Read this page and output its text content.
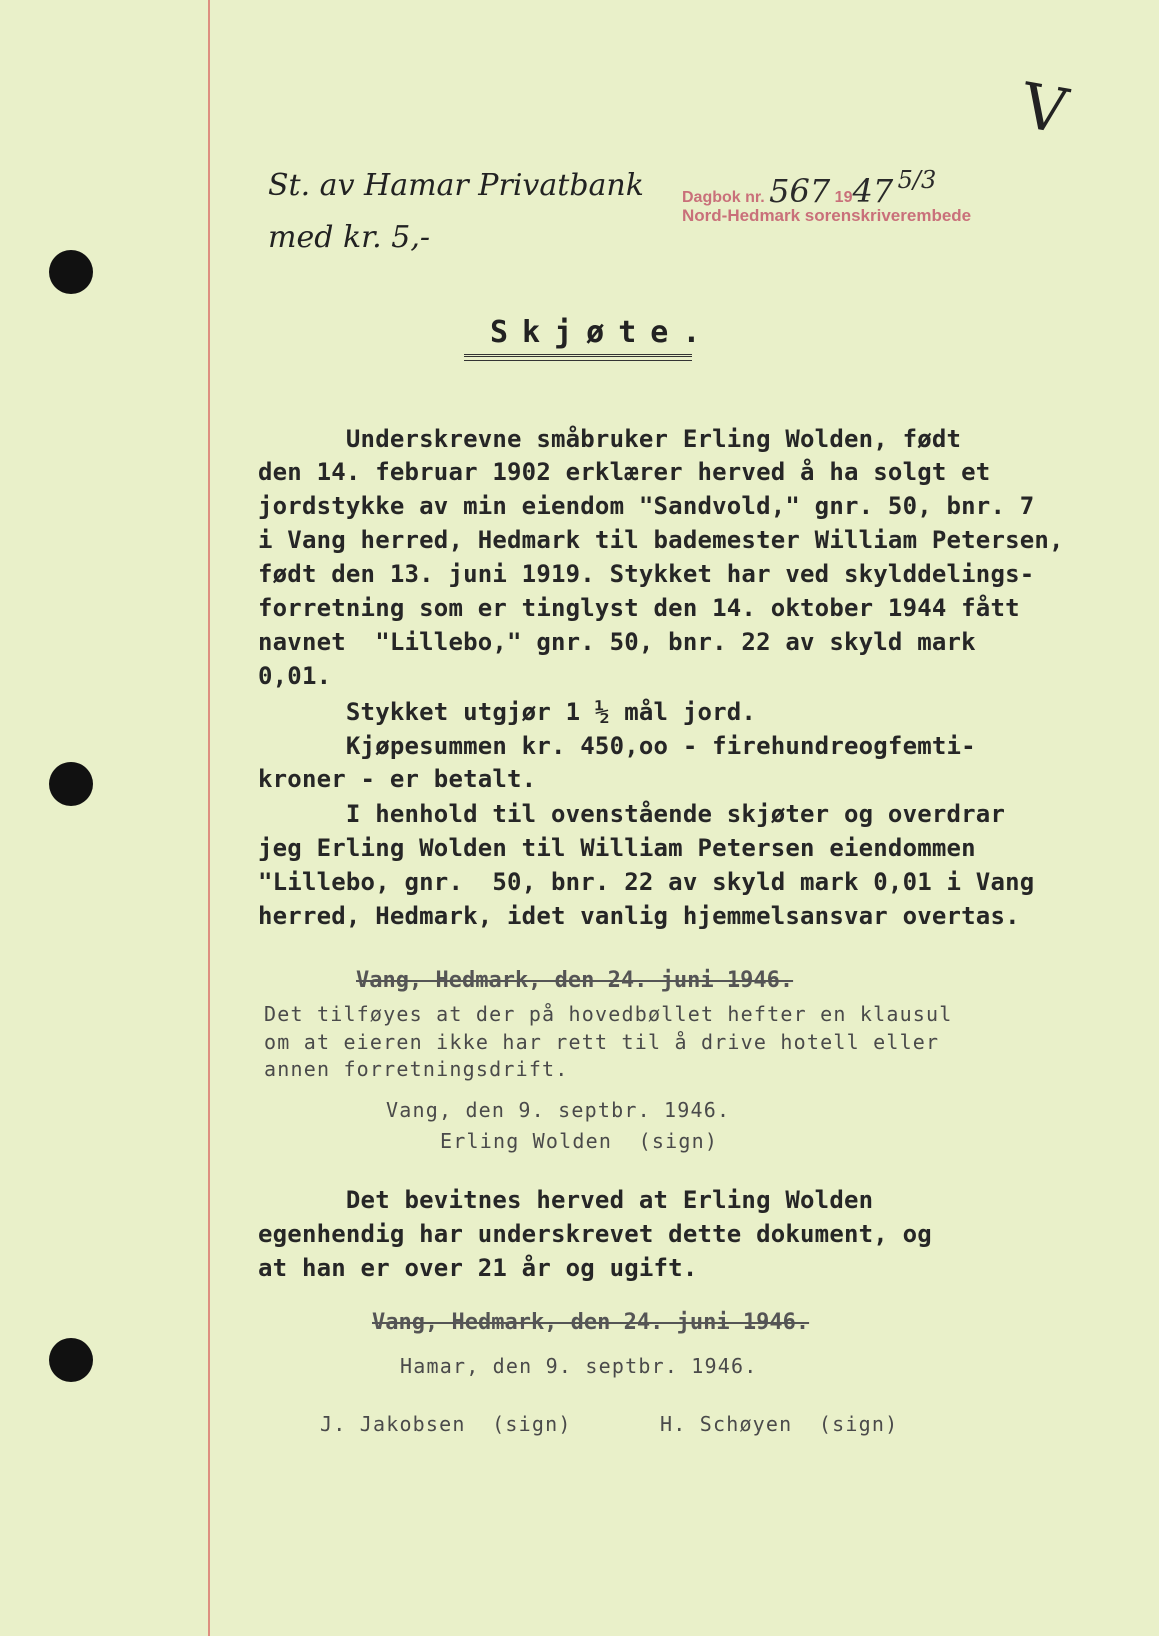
St. av Hamar Privatbank
med kr. 5,-
V
Dagbok nr. 567 1947 5/3
Nord-Hedmark sorenskriverembede
Skjøte.
Underskrevne småbruker Erling Wolden, født
den 14. februar 1902 erklærer herved å ha solgt et
jordstykke av min eiendom "Sandvold," gnr. 50, bnr. 7
i Vang herred, Hedmark til bademester William Petersen,
født den 13. juni 1919. Stykket har ved skylddelings-
forretning som er tinglyst den 14. oktober 1944 fått
navnet  "Lillebo," gnr. 50, bnr. 22 av skyld mark
0,01.
Stykket utgjør 1 ½ mål jord.
Kjøpesummen kr. 450,oo - firehundreogfemti-
kroner - er betalt.
I henhold til ovenstående skjøter og overdrar
jeg Erling Wolden til William Petersen eiendommen
"Lillebo, gnr.  50, bnr. 22 av skyld mark 0,01 i Vang
herred, Hedmark, idet vanlig hjemmelsansvar overtas.
Vang, Hedmark, den 24. juni 1946.
Det tilføyes at der på hovedbøllet hefter en klausul
om at eieren ikke har rett til å drive hotell eller
annen forretningsdrift.
Vang, den 9. septbr. 1946.
Erling Wolden  (sign)
Det bevitnes herved at Erling Wolden
egenhendig har underskrevet dette dokument, og
at han er over 21 år og ugift.
Vang, Hedmark, den 24. juni 1946.
Hamar, den 9. septbr. 1946.
J. Jakobsen  (sign)	H. Schøyen  (sign)
